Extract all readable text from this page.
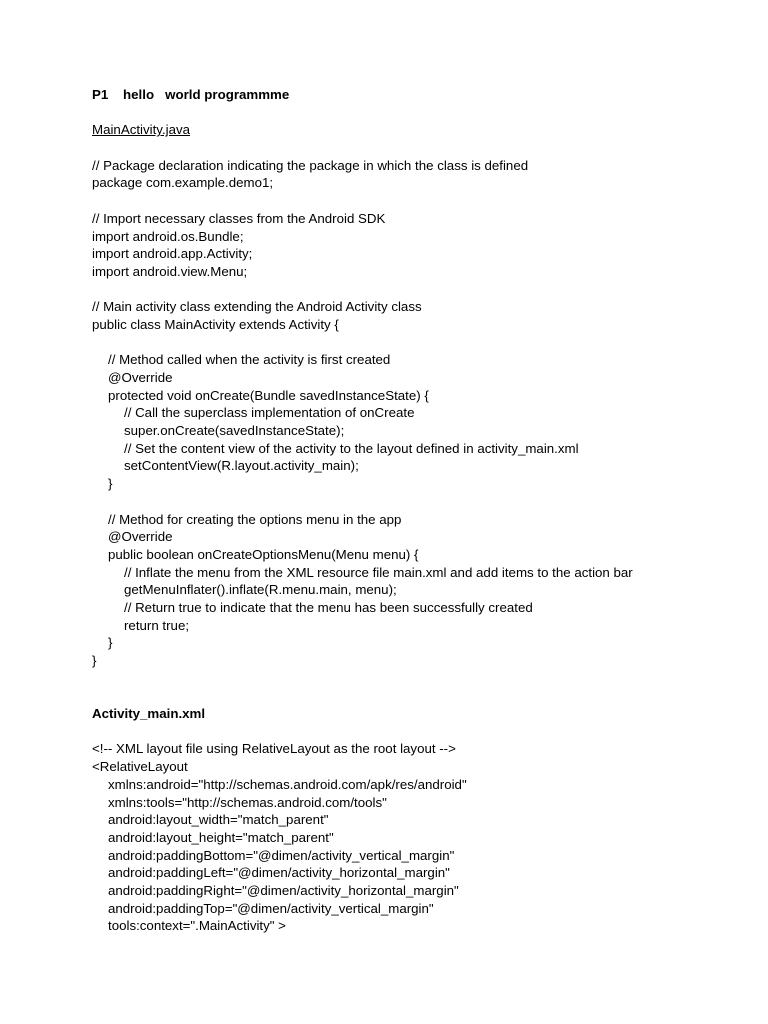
P1    hello   world programmme
MainActivity.java
// Package declaration indicating the package in which the class is defined
package com.example.demo1;
// Import necessary classes from the Android SDK
import android.os.Bundle;
import android.app.Activity;
import android.view.Menu;
// Main activity class extending the Android Activity class
public class MainActivity extends Activity {
// Method called when the activity is first created
@Override
protected void onCreate(Bundle savedInstanceState) {
// Call the superclass implementation of onCreate
super.onCreate(savedInstanceState);
// Set the content view of the activity to the layout defined in activity_main.xml
setContentView(R.layout.activity_main);
}
// Method for creating the options menu in the app
@Override
public boolean onCreateOptionsMenu(Menu menu) {
// Inflate the menu from the XML resource file main.xml and add items to the action bar
getMenuInflater().inflate(R.menu.main, menu);
// Return true to indicate that the menu has been successfully created
return true;
}
}
Activity_main.xml
<!-- XML layout file using RelativeLayout as the root layout -->
<RelativeLayout
xmlns:android="http://schemas.android.com/apk/res/android"
xmlns:tools="http://schemas.android.com/tools"
android:layout_width="match_parent"
android:layout_height="match_parent"
android:paddingBottom="@dimen/activity_vertical_margin"
android:paddingLeft="@dimen/activity_horizontal_margin"
android:paddingRight="@dimen/activity_horizontal_margin"
android:paddingTop="@dimen/activity_vertical_margin"
tools:context=".MainActivity" >
